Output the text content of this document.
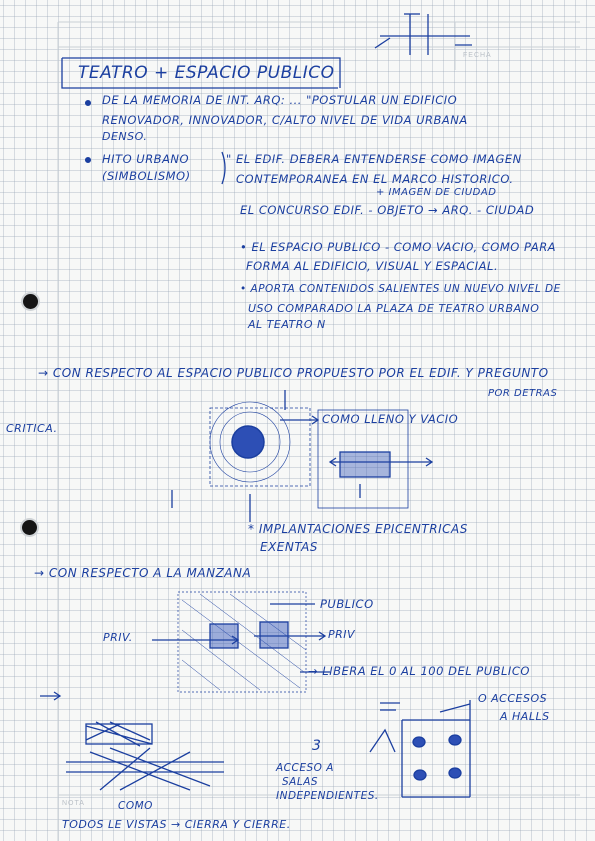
FECHA
NOTA
TEATRO + ESPACIO PUBLICO
DE LA MEMORIA DE INT. ARQ: ... "POSTULAR UN EDIFICIO
RENOVADOR, INNOVADOR, C/ALTO NIVEL DE VIDA URBANA
DENSO.
HITO URBANO
(SIMBOLISMO)
" EL EDIF. DEBERA ENTENDERSE COMO IMAGEN
CONTEMPORANEA EN EL MARCO HISTORICO.
+ IMAGEN DE CIUDAD
EL CONCURSO EDIF. - OBJETO → ARQ. - CIUDAD
• EL ESPACIO PUBLICO - COMO VACIO, COMO PARA
FORMA AL EDIFICIO, VISUAL Y ESPACIAL.
• APORTA CONTENIDOS SALIENTES UN NUEVO NIVEL DE
USO COMPARADO LA PLAZA DE TEATRO URBANO
AL TEATRO N
→ CON RESPECTO AL ESPACIO PUBLICO PROPUESTO POR EL EDIF. Y PREGUNTO
POR DETRAS
CRITICA.
COMO LLENO Y VACIO
* IMPLANTACIONES EPICENTRICAS
EXENTAS
→ CON RESPECTO A LA MANZANA
PUBLICO
PRIV.	PRIV
→ LIBERA EL 0 AL 100 DEL PUBLICO
O ACCESOS
A HALLS
3
ACCESO A
SALAS
INDEPENDIENTES.
COMO
TODOS LE VISTAS → CIERRA Y CIERRE.
